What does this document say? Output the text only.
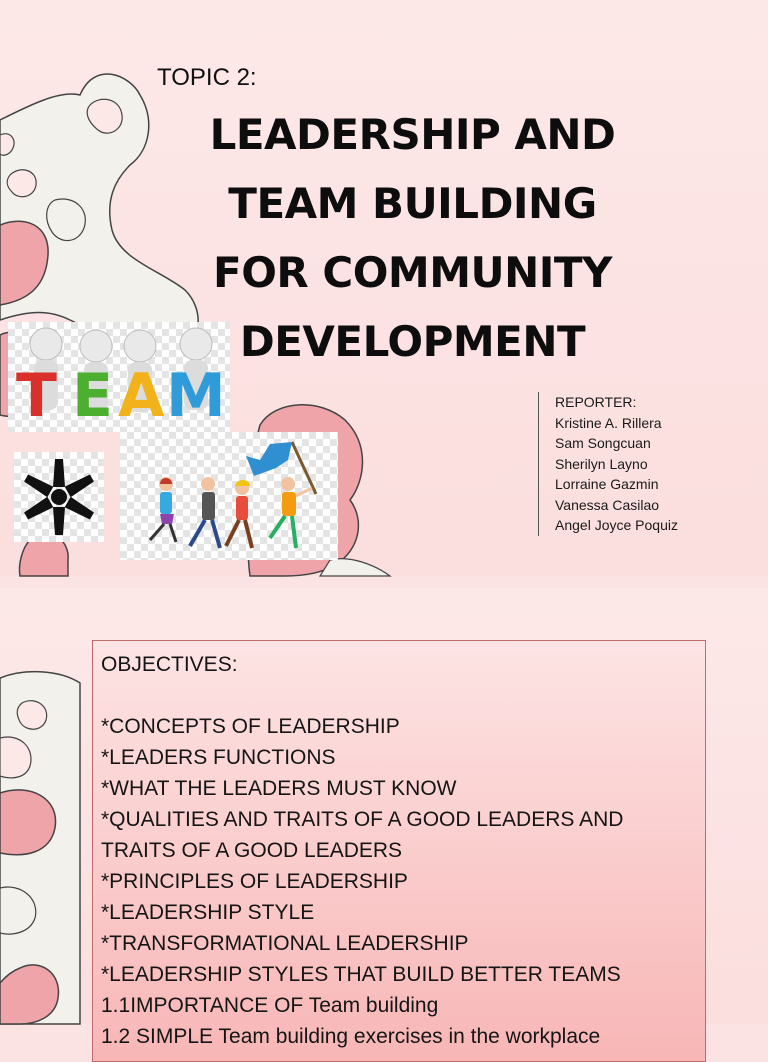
TOPIC 2:
LEADERSHIP AND
TEAM BUILDING
FOR COMMUNITY
DEVELOPMENT
T E A M	REPORTER:
Kristine A. Rillera
Sam Songcuan
Sherilyn Layno
Lorraine Gazmin
Vanessa Casilao
Angel Joyce Poquiz
OBJECTIVES:
*CONCEPTS OF LEADERSHIP
*LEADERS FUNCTIONS
*WHAT THE LEADERS MUST KNOW
*QUALITIES AND TRAITS OF A GOOD LEADERS AND
TRAITS OF A GOOD LEADERS
*PRINCIPLES OF LEADERSHIP
*LEADERSHIP STYLE
*TRANSFORMATIONAL LEADERSHIP
*LEADERSHIP STYLES THAT BUILD BETTER TEAMS
1.1IMPORTANCE OF Team building
1.2 SIMPLE Team building exercises in the workplace
